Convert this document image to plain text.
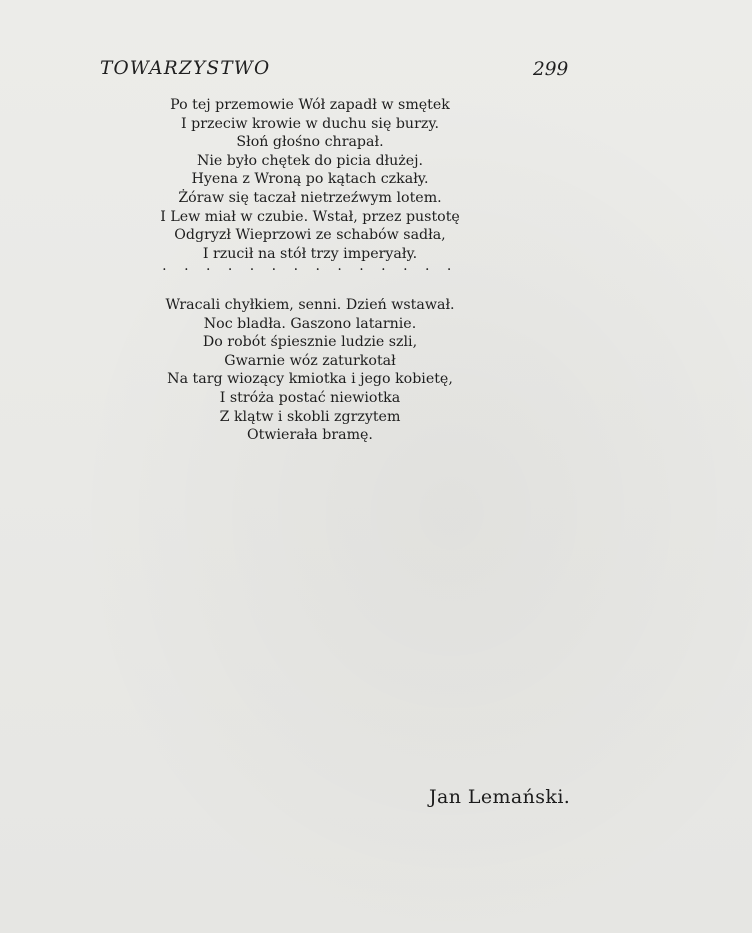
TOWARZYSTWO	299
Po tej przemowie Wół zapadł w smętek
I przeciw krowie w duchu się burzy.
Słoń głośno chrapał.
Nie było chętek do picia dłużej.
Hyena z Wroną po kątach czkały.
Żóraw się taczał nietrzeźwym lotem.
I Lew miał w czubie. Wstał, przez pustotę
Odgryzł Wieprzowi ze schabów sadła,
I rzucił na stół trzy imperyały.
. . . . . . . . . . . . . .
Wracali chyłkiem, senni. Dzień wstawał.
Noc bladła. Gaszono latarnie.
Do robót śpiesznie ludzie szli,
Gwarnie wóz zaturkotał
Na targ wiozący kmiotka i jego kobietę,
I stróża postać niewiotka
Z klątw i skobli zgrzytem
Otwierała bramę.
Jan Lemański.
